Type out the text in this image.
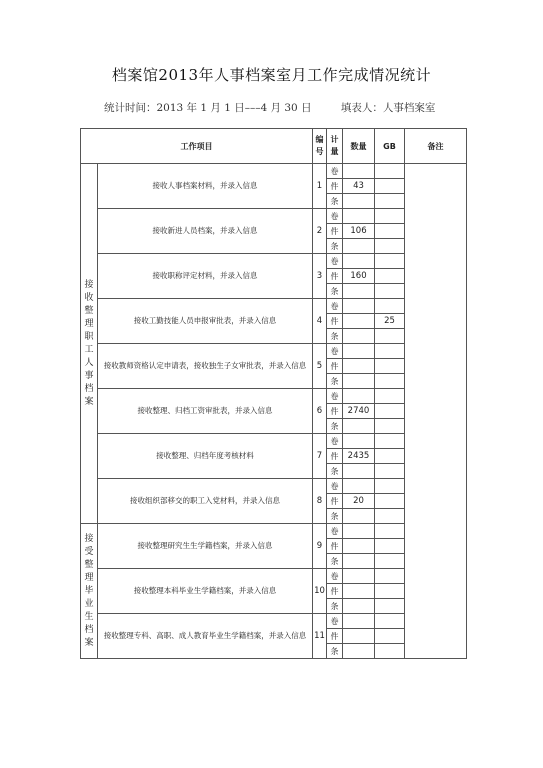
档案馆2013年人事档案室月工作完成情况统计
统计时间：2013 年 1 月 1 日–––4 月 30 日	填表人：人事档案室
工作项目		编号	计量	数量	GB	备注

接收整理职工人事档案	接收人事档案材料，并录入信息	1	卷			
			件	43		
			条			
	接收新进人员档案，并录入信息	2	卷			
			件	106		
			条			
	接收职称评定材料，并录入信息	3	卷			
			件	160		
			条			
	接收工勤技能人员申报审批表，并录入信息	4	卷			
			件		25	
			条			
	接收教师资格认定申请表，接收独生子女审批表，并录入信息	5	卷			
			件			
			条			
	接收整理、归档工资审批表，并录入信息	6	卷			
			件	2740		
			条			
	接收整理、归档年度考核材料	7	卷			
			件	2435		
			条			
	接收组织部移交的职工入党材料，并录入信息	8	卷			
			件	20		
			条			

接受整理毕业生档案	接收整理研究生生学籍档案，并录入信息	9	卷			
			件			
			条			
	接收整理本科毕业生学籍档案，并录入信息	10	卷			
			件			
			条			
	接收整理专科、高职、成人教育毕业生学籍档案，并录入信息	11	卷			
			件			
			条			
